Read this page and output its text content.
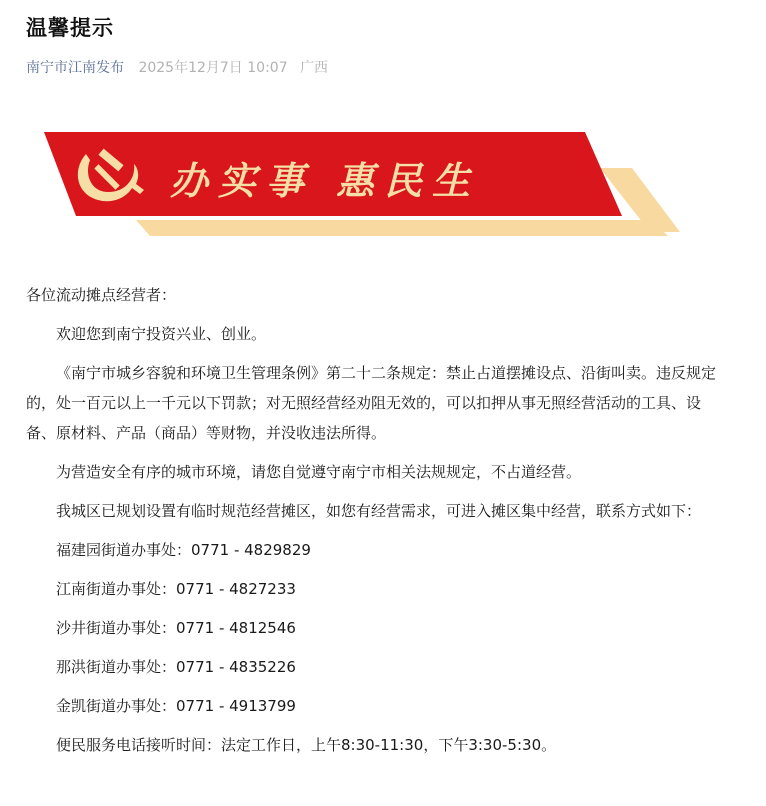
温馨提示
南宁市江南发布 2025年12月7日 10:07 广西
办实事 惠民生

各位流动摊点经营者：

欢迎您到南宁投资兴业、创业。

《南宁市城乡容貌和环境卫生管理条例》第二十二条规定：禁止占道摆摊设点、沿街叫卖。违反规定的，处一百元以上一千元以下罚款；对无照经营经劝阻无效的，可以扣押从事无照经营活动的工具、设备、原材料、产品（商品）等财物，并没收违法所得。

为营造安全有序的城市环境，请您自觉遵守南宁市相关法规规定，不占道经营。

我城区已规划设置有临时规范经营摊区，如您有经营需求，可进入摊区集中经营，联系方式如下：

福建园街道办事处：0771 - 4829829

江南街道办事处：0771 - 4827233

沙井街道办事处：0771 - 4812546

那洪街道办事处：0771 - 4835226

金凯街道办事处：0771 - 4913799

便民服务电话接听时间：法定工作日，上午8:30-11:30，下午3:30-5:30。
